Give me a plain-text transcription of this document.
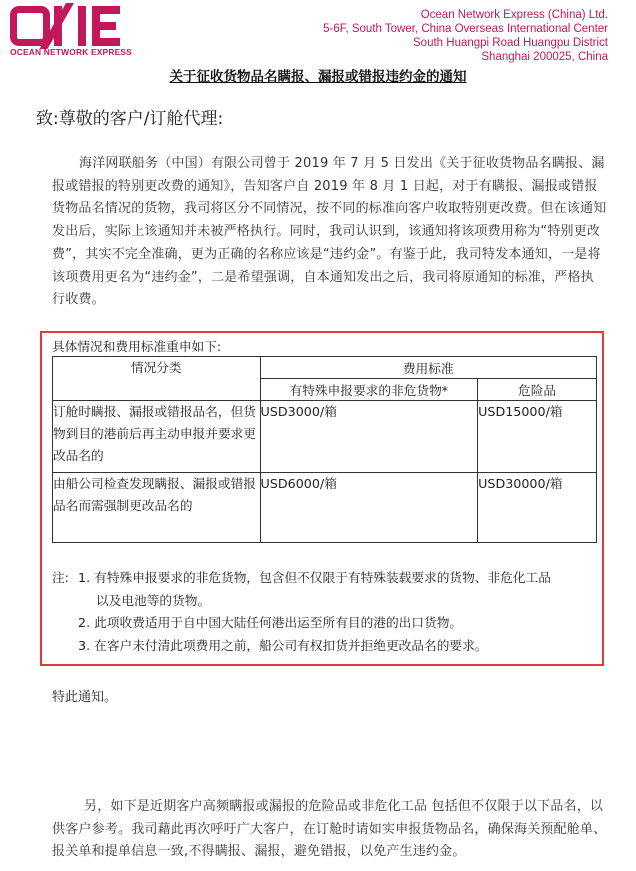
OCEAN NETWORK EXPRESS
Ocean Network Express (China) Ltd.
5-6F, South Tower, China Overseas International Center
South Huangpi Road Huangpu District
Shanghai 200025, China
关于征收货物品名瞒报、漏报或错报违约金的通知
致:尊敬的客户/订舱代理:
海洋网联船务（中国）有限公司曾于 2019 年 7 月 5 日发出《关于征收货物品名瞒报、漏报或错报的特别更改费的通知》，告知客户自 2019 年 8 月 1 日起，对于有瞒报、漏报或错报货物品名情况的货物，我司将区分不同情况，按不同的标准向客户收取特别更改费。但在该通知发出后，实际上该通知并未被严格执行。同时，我司认识到，该通知将该项费用称为“特别更改费”，其实不完全准确，更为正确的名称应该是“违约金”。有鉴于此，我司特发本通知，一是将该项费用更名为“违约金”，二是希望强调，自本通知发出之后，我司将原通知的标准，严格执行收费。
具体情况和费用标准重申如下:
情况分类	费用标准	
	有特殊申报要求的非危货物*	危险品
订舱时瞒报、漏报或错报品名，但货物到目的港前后再主动申报并要求更改品名的	USD3000/箱	USD15000/箱
由船公司检查发现瞒报、漏报或错报品名而需强制更改品名的	USD6000/箱	USD30000/箱
注: 1. 有特殊申报要求的非危货物，包含但不仅限于有特殊装载要求的货物、非危化工品
以及电池等的货物。
2. 此项收费适用于自中国大陆任何港出运至所有目的港的出口货物。
3. 在客户未付清此项费用之前，船公司有权扣货并拒绝更改品名的要求。
特此通知。
另，如下是近期客户高频瞒报或漏报的危险品或非危化工品 包括但不仅限于以下品名，以供客户参考。我司藉此再次呼吁广大客户，在订舱时请如实申报货物品名，确保海关预配舱单、报关单和提单信息一致,不得瞒报、漏报，避免错报，以免产生违约金。
